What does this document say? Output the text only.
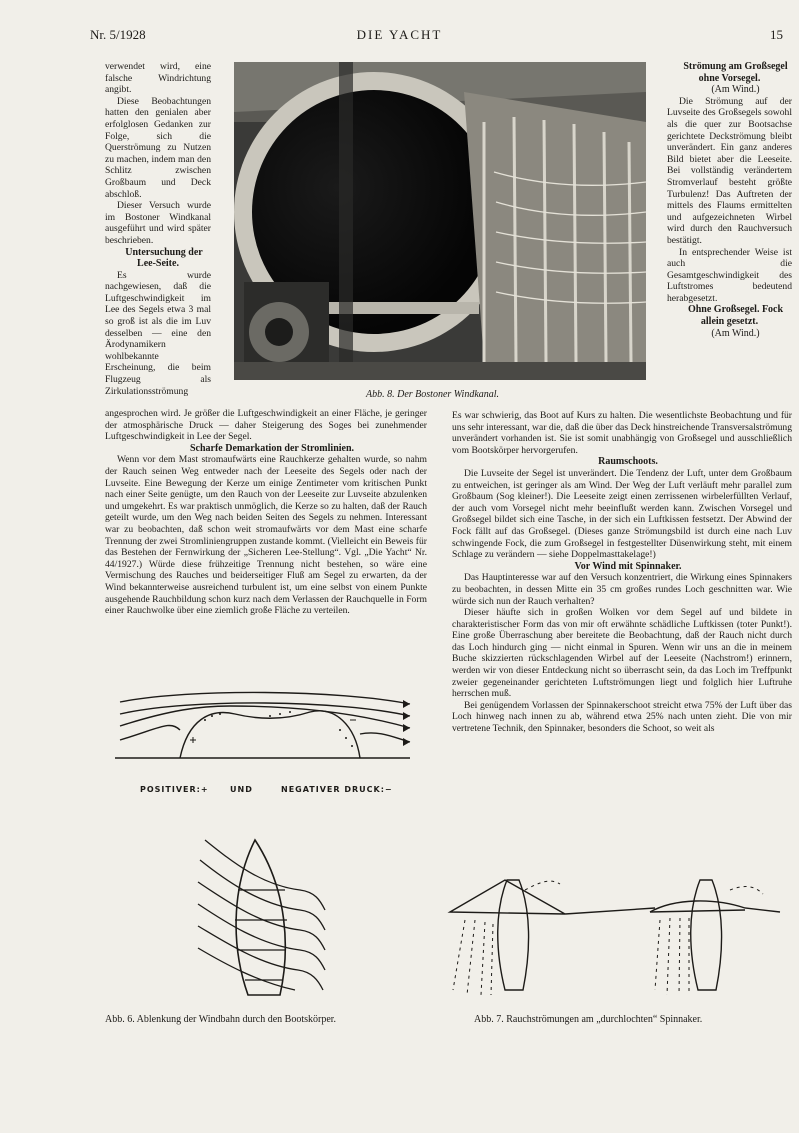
Nr. 5/1928	DIE YACHT	15

verwendet wird, eine falsche Windrichtung angibt.

Diese Beobachtungen hatten den genialen aber erfolglosen Gedanken zur Folge, sich die Querströmung zu Nutzen zu machen, indem man den Schlitz zwischen Großbaum und Deck abschloß.

Dieser Versuch wurde im Bostoner Windkanal ausgeführt und wird später beschrieben.

Untersuchung der Lee-Seite.

Es wurde nachgewiesen, daß die Luftgeschwindigkeit im Lee des Segels etwa 3 mal so groß ist als die im Luv desselben — eine den Ärodynamikern wohlbekannte Erscheinung, die beim Flugzeug als Zirkulationsströmung	Abb. 8. Der Bostoner Windkanal.

Strömung am Großsegel ohne Vorsegel.

(Am Wind.)

Die Strömung auf der Luvseite des Großsegels sowohl als die quer zur Bootsachse gerichtete Deckströmung bleibt unverändert. Ein ganz anderes Bild bietet aber die Leeseite. Bei vollständig verändertem Stromverlauf besteht größte Turbulenz! Das Auftreten der mittels des Flaums ermittelten und aufgezeichneten Wirbel wird durch den Rauchversuch bestätigt.

In entsprechender Weise ist auch die Gesamtgeschwindigkeit des Luftstromes bedeutend herabgesetzt.

Ohne Großsegel. Fock allein gesetzt.

(Am Wind.)

angesprochen wird. Je größer die Luftgeschwindigkeit an einer Fläche, je geringer der atmosphärische Druck — daher Steigerung des Soges bei zunehmender Luftgeschwindigkeit in Lee der Segel.

Scharfe Demarkation der Stromlinien.

Wenn vor dem Mast stromaufwärts eine Rauchkerze gehalten wurde, so nahm der Rauch seinen Weg entweder nach der Leeseite des Segels oder nach der Luvseite. Eine Bewegung der Kerze um einige Zentimeter vom kritischen Punkt nach einer Seite genügte, um den Rauch von der Leeseite zur Luvseite abzulenken und umgekehrt. Es war praktisch unmöglich, die Kerze so zu halten, daß der Rauch geteilt wurde, um den Weg nach beiden Seiten des Segels zu nehmen. Interessant war zu beobachten, daß schon weit stromaufwärts vor dem Mast eine scharfe Trennung der zwei Stromliniengruppen zustande kommt. (Vielleicht ein Beweis für das Bestehen der Fernwirkung der „Sicheren Lee-Stellung“. Vgl. „Die Yacht“ Nr. 44/1927.) Würde diese frühzeitige Trennung nicht bestehen, so wäre eine Vermischung des Rauches und beiderseitiger Fluß am Segel zu erwarten, da der Wind bekannterweise ausreichend turbulent ist, um eine selbst von einem Punkte ausgehende Rauchbildung schon kurz nach dem Verlassen der Rauchquelle in Form einer Rauchwolke über eine ziemlich große Fläche zu verteilen.

Es war schwierig, das Boot auf Kurs zu halten. Die wesentlichste Beobachtung und für uns sehr interessant, war die, daß die über das Deck hinstreichende Transversalströmung unverändert vorhanden ist. Sie ist somit unabhängig von Großsegel und ausschließlich vom Bootskörper hervorgerufen.

Raumschoots.

Die Luvseite der Segel ist unverändert. Die Tendenz der Luft, unter dem Großbaum zu entweichen, ist geringer als am Wind. Der Weg der Luft verläuft mehr parallel zum Großbaum (Sog kleiner!). Die Leeseite zeigt einen zerrissenen wirbelerfüllten Verlauf, der auch vom Vorsegel nicht mehr beeinflußt werden kann. Zwischen Vorsegel und Großsegel bildet sich eine Tasche, in der sich ein Luftkissen festsetzt. Der Abwind der Fock fällt auf das Großsegel. (Dieses ganze Strömungsbild ist durch eine nach Luv schwingende Fock, die zum Großsegel in festgestellter Düsenwirkung steht, mit einem Schlage zu verändern — siehe Doppelmasttakelage!)

Vor Wind mit Spinnaker.

Das Hauptinteresse war auf den Versuch konzentriert, die Wirkung eines Spinnakers zu beobachten, in dessen Mitte ein 35 cm großes rundes Loch geschnitten war. Wie würde sich nun der Rauch verhalten?

Dieser häufte sich in großen Wolken vor dem Segel auf und bildete in charakteristischer Form das von mir oft erwähnte schädliche Luftkissen (toter Punkt!). Eine große Überraschung aber bereitete die Beobachtung, daß der Rauch nicht durch das Loch hindurch ging — nicht einmal in Spuren. Wenn wir uns an die in meinem Buche skizzierten rückschlagenden Wirbel auf der Leeseite (Nachstrom!) erinnern, werden wir von dieser Entdeckung nicht so überrascht sein, da das Loch im Treffpunkt zweier gegeneinander gerichteten Luftströmungen liegt und folglich hier Luftruhe herrschen muß.

Bei genügendem Vorlassen der Spinnakerschoot streicht etwa 75% der Luft über das Loch hinweg nach innen zu ab, während etwa 25% nach unten zieht. Die von mir vertretene Technik, den Spinnaker, besonders die Schoot, so weit als

POSITIVER:+	UND	NEGATIVER DRUCK:−
Abb. 6. Ablenkung der Windbahn durch den Bootskörper.	Abb. 7. Rauchströmungen am „durchlochten“ Spinnaker.
